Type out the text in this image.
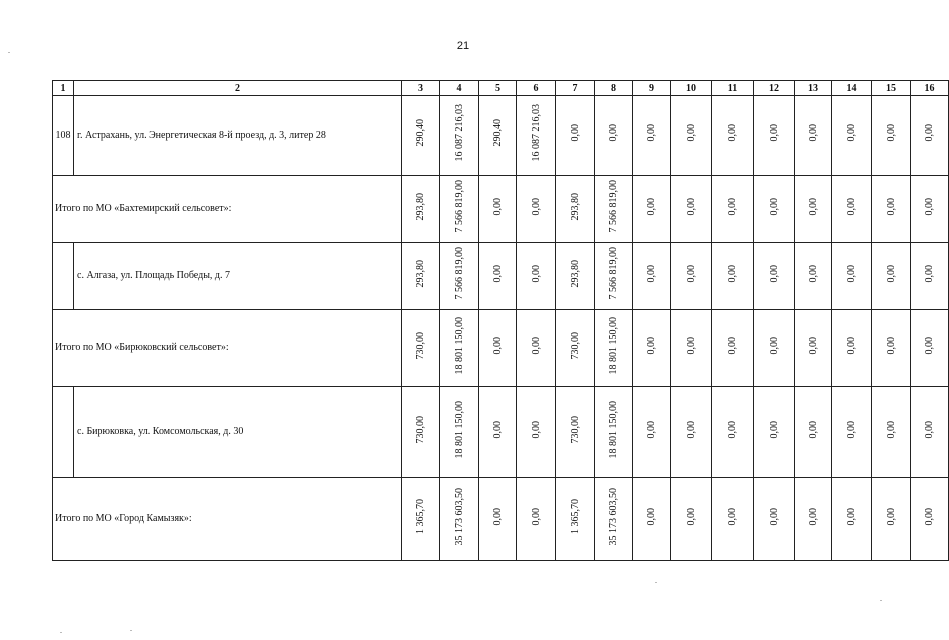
21
1	2	3	4	5	6	7	8	9	10	11	12	13	14	15	16
108	г. Астрахань, ул. Энергетическая 8-й проезд, д. 3, литер 28	290,40	16 087 216,03	290,40	16 087 216,03	0,00	0,00	0,00	0,00	0,00	0,00	0,00	0,00	0,00	0,00
Итого по МО «Бахтемирский сельсовет»:		293,80	7 566 819,00	0,00	0,00	293,80	7 566 819,00	0,00	0,00	0,00	0,00	0,00	0,00	0,00	0,00
	с. Алгаза, ул. Площадь Победы, д. 7	293,80	7 566 819,00	0,00	0,00	293,80	7 566 819,00	0,00	0,00	0,00	0,00	0,00	0,00	0,00	0,00
Итого по МО «Бирюковский сельсовет»:		730,00	18 801 150,00	0,00	0,00	730,00	18 801 150,00	0,00	0,00	0,00	0,00	0,00	0,00	0,00	0,00
	с. Бирюковка, ул. Комсомольская, д. 30	730,00	18 801 150,00	0,00	0,00	730,00	18 801 150,00	0,00	0,00	0,00	0,00	0,00	0,00	0,00	0,00
Итого по МО «Город Камызяк»:		1 365,70	35 173 603,50	0,00	0,00	1 365,70	35 173 603,50	0,00	0,00	0,00	0,00	0,00	0,00	0,00	0,00
